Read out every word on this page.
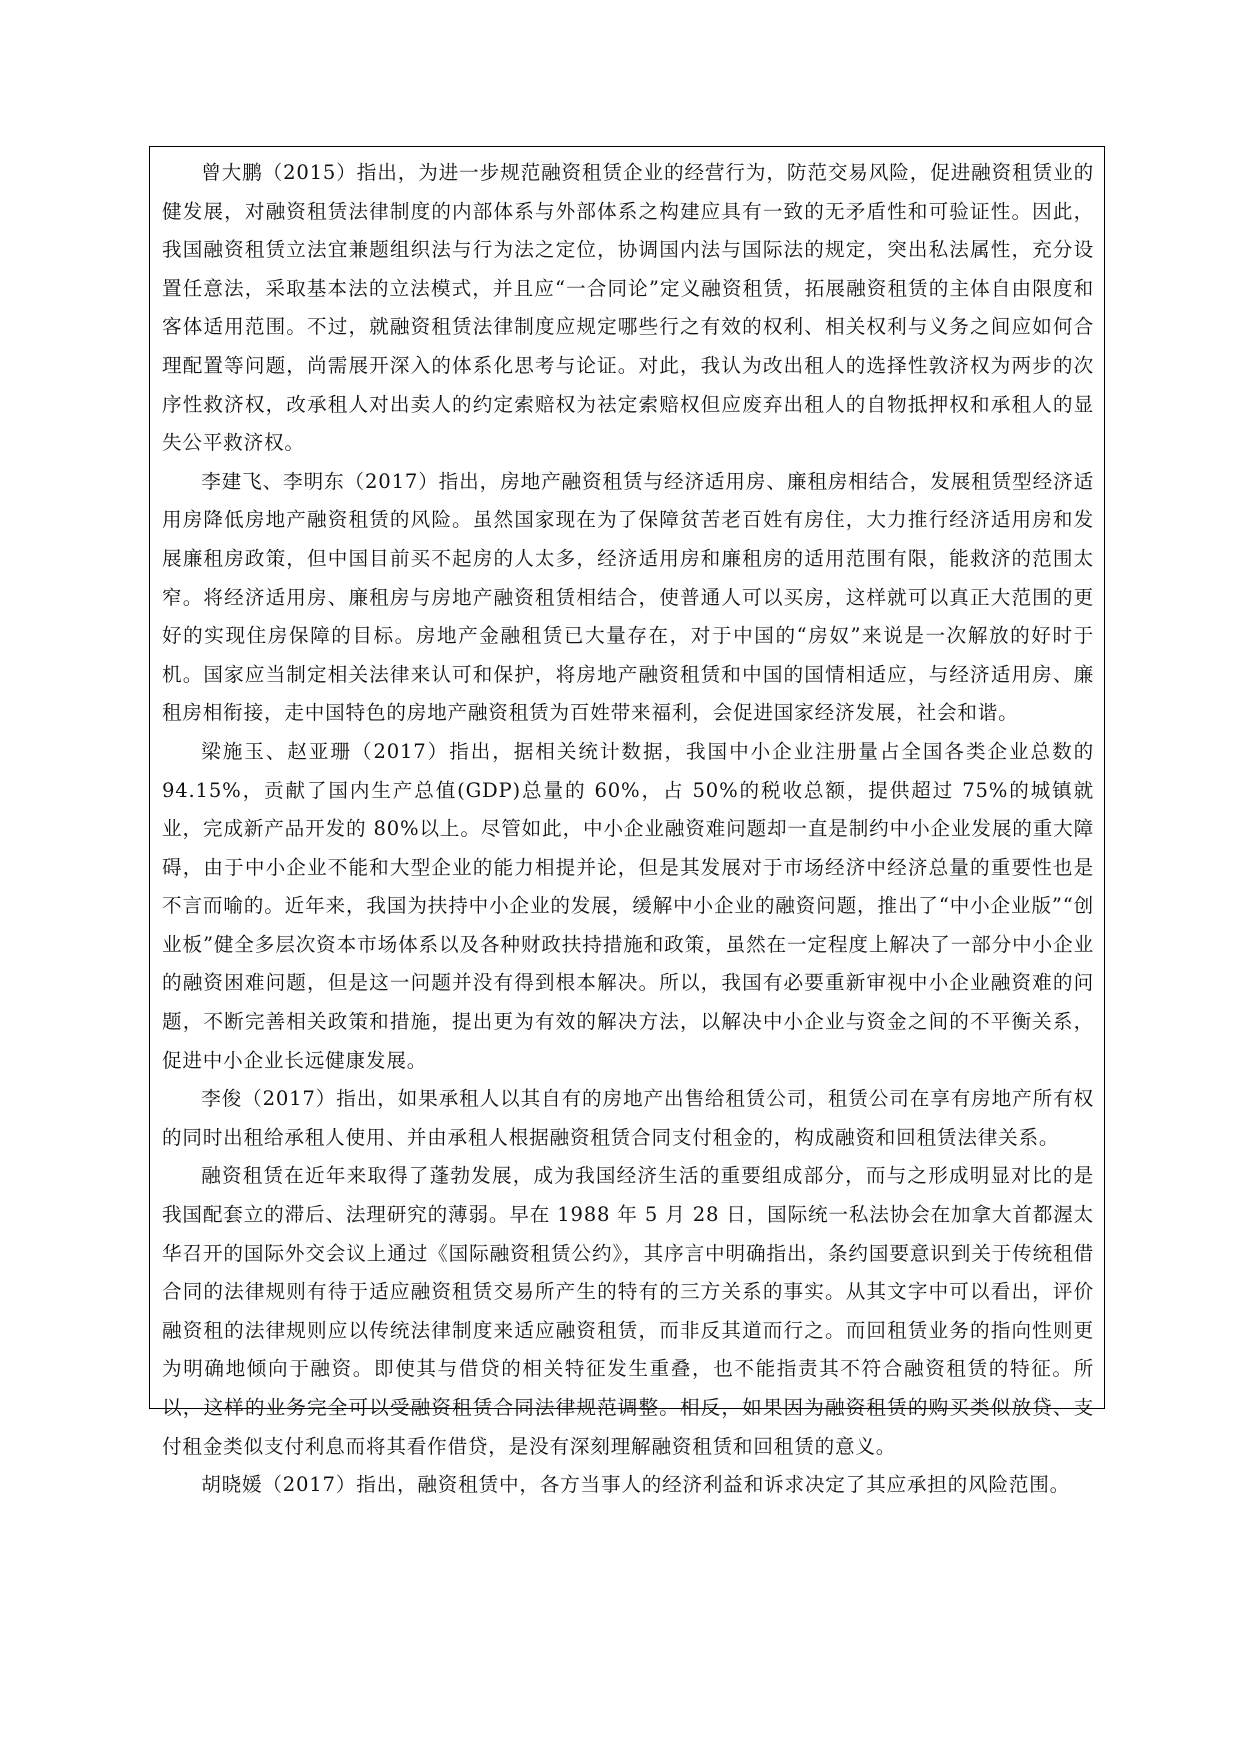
曾大鹏（2015）指出，为进一步规范融资租赁企业的经营行为，防范交易风险，促进融资租赁业的健发展，对融资租赁法律制度的内部体系与外部体系之构建应具有一致的无矛盾性和可验证性。因此，我国融资租赁立法宜兼题组织法与行为法之定位，协调国内法与国际法的规定，突出私法属性，充分设置任意法，采取基本法的立法模式，并且应“一合同论”定义融资租赁，拓展融资租赁的主体自由限度和客体适用范围。不过，就融资租赁法律制度应规定哪些行之有效的权利、相关权利与义务之间应如何合理配置等问题，尚需展开深入的体系化思考与论证。对此，我认为改出租人的选择性敦济权为两步的次序性救济权，改承租人对出卖人的约定索赔权为祛定索赔权但应废弃出租人的自物抵押权和承租人的显失公平救济权。

李建飞、李明东（2017）指出，房地产融资租赁与经济适用房、廉租房相结合，发展租赁型经济适用房降低房地产融资租赁的风险。虽然国家现在为了保障贫苦老百姓有房住，大力推行经济适用房和发展廉租房政策，但中国目前买不起房的人太多，经济适用房和廉租房的适用范围有限，能救济的范围太窄。将经济适用房、廉租房与房地产融资租赁相结合，使普通人可以买房，这样就可以真正大范围的更好的实现住房保障的目标。房地产金融租赁已大量存在，对于中国的“房奴”来说是一次解放的好时于机。国家应当制定相关法律来认可和保护，将房地产融资租赁和中国的国情相适应，与经济适用房、廉租房相衔接，走中国特色的房地产融资租赁为百姓带来福利，会促进国家经济发展，社会和谐。

梁施玉、赵亚珊（2017）指出，据相关统计数据，我国中小企业注册量占全国各类企业总数的94.15%，贡献了国内生产总值(GDP)总量的 60%，占 50%的税收总额，提供超过 75%的城镇就业，完成新产品开发的 80%以上。尽管如此，中小企业融资难问题却一直是制约中小企业发展的重大障碍，由于中小企业不能和大型企业的能力相提并论，但是其发展对于市场经济中经济总量的重要性也是不言而喻的。近年来，我国为扶持中小企业的发展，缓解中小企业的融资问题，推出了“中小企业版”“创业板”健全多层次资本市场体系以及各种财政扶持措施和政策，虽然在一定程度上解决了一部分中小企业的融资困难问题，但是这一问题并没有得到根本解决。所以，我国有必要重新审视中小企业融资难的问题，不断完善相关政策和措施，提出更为有效的解决方法，以解决中小企业与资金之间的不平衡关系，促进中小企业长远健康发展。

李俊（2017）指出，如果承租人以其自有的房地产出售给租赁公司，租赁公司在享有房地产所有权的同时出租给承租人使用、并由承租人根据融资租赁合同支付租金的，构成融资和回租赁法律关系。

融资租赁在近年来取得了蓬勃发展，成为我国经济生活的重要组成部分，而与之形成明显对比的是我国配套立的滞后、法理研究的薄弱。早在 1988 年 5 月 28 日，国际统一私法协会在加拿大首都渥太华召开的国际外交会议上通过《国际融资租赁公约》，其序言中明确指出，条约国要意识到关于传统租借合同的法律规则有待于适应融资租赁交易所产生的特有的三方关系的事实。从其文字中可以看出，评价融资租的法律规则应以传统法律制度来适应融资租赁，而非反其道而行之。而回租赁业务的指向性则更为明确地倾向于融资。即使其与借贷的相关特征发生重叠，也不能指责其不符合融资租赁的特征。所以，这样的业务完全可以受融资租赁合同法律规范调整。相反，如果因为融资租赁的购买类似放贷、支付租金类似支付利息而将其看作借贷，是没有深刻理解融资租赁和回租赁的意义。

胡晓媛（2017）指出，融资租赁中，各方当事人的经济利益和诉求决定了其应承担的风险范围。
